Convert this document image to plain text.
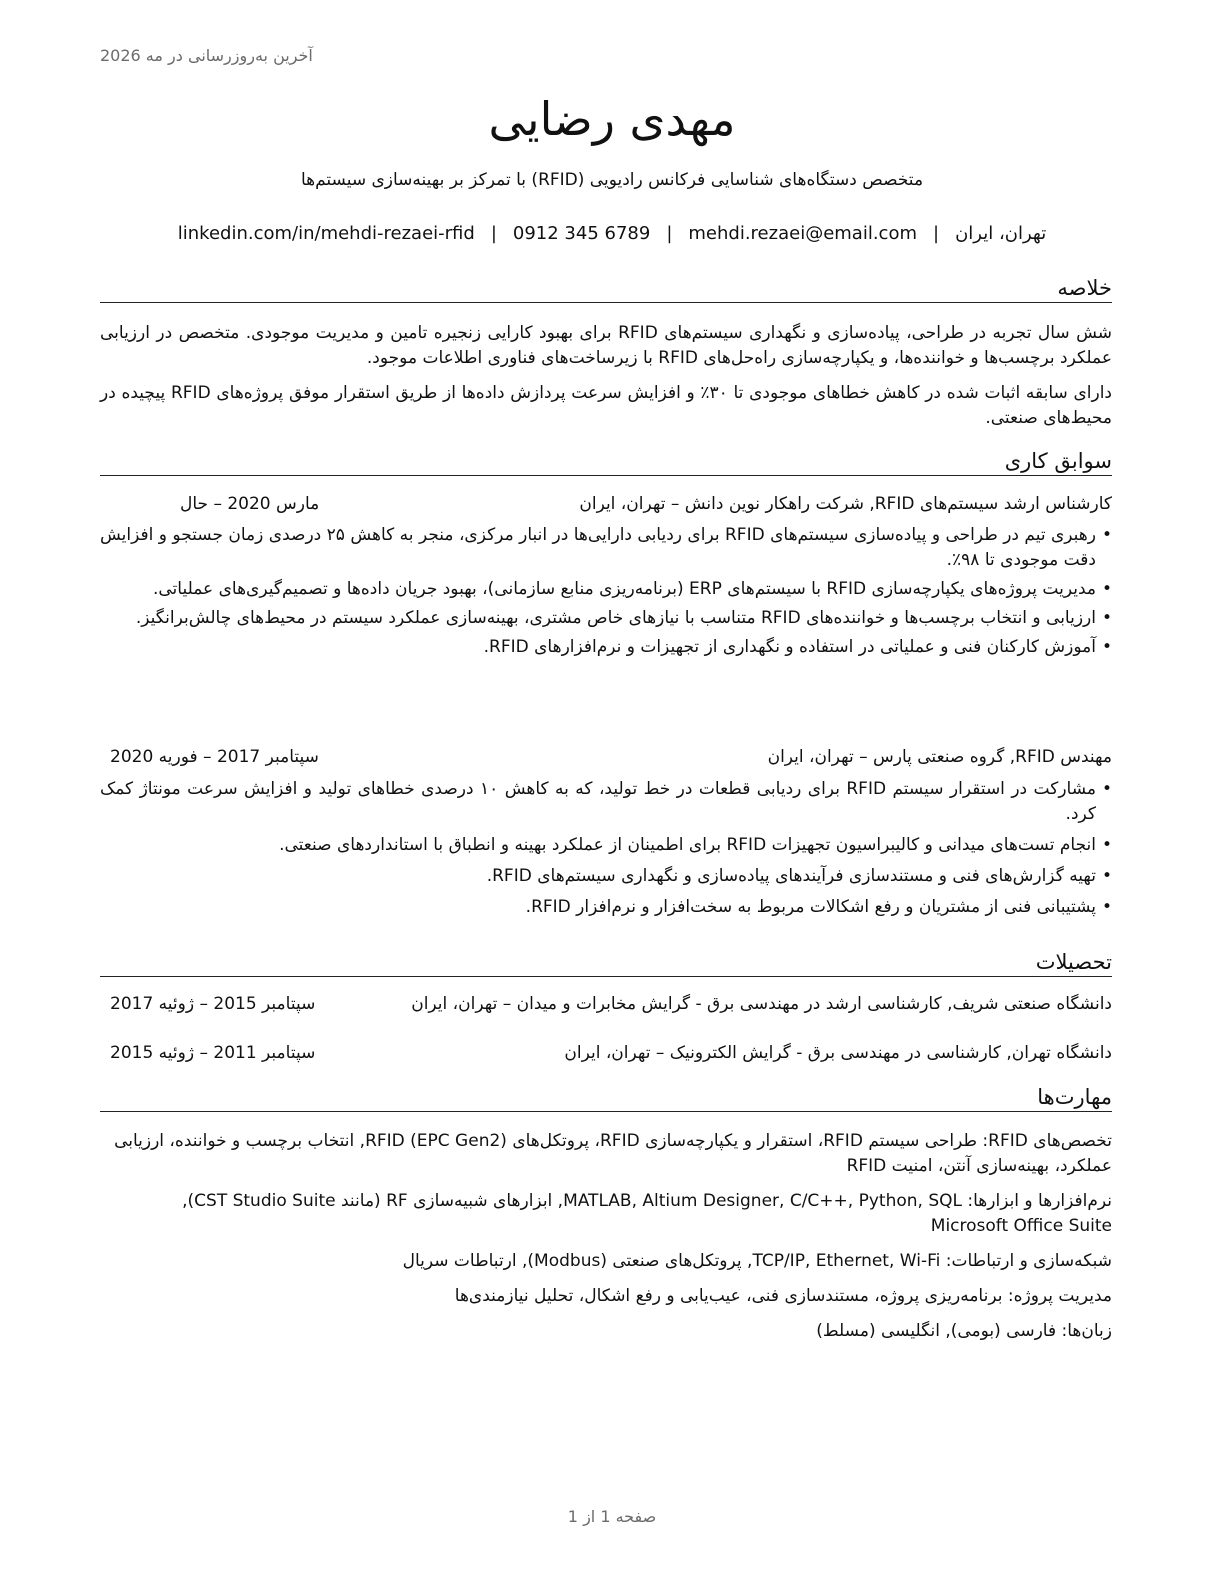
آخرین به‌روزرسانی در مه 2026
مهدی رضایی
متخصص دستگاه‌های شناسایی فرکانس رادیویی (RFID) با تمرکز بر بهینه‌سازی سیستم‌ها
تهران، ایران|mehdi.rezaei@email.com|0912 345 6789|linkedin.com/in/mehdi-rezaei-rfid
خلاصه

شش سال تجربه در طراحی، پیاده‌سازی و نگهداری سیستم‌های RFID برای بهبود کارایی زنجیره تامین و مدیریت موجودی. متخصص در ارزیابی عملکرد برچسب‌ها و خواننده‌ها، و یکپارچه‌سازی راه‌حل‌های RFID با زیرساخت‌های فناوری اطلاعات موجود.

دارای سابقه اثبات شده در کاهش خطاهای موجودی تا ۳۰٪ و افزایش سرعت پردازش داده‌ها از طریق استقرار موفق پروژه‌های RFID پیچیده در محیط‌های صنعتی.

سوابق کاری
کارشناس ارشد سیستم‌های RFID, شرکت راهکار نوین دانش – تهران، ایران
مارس 2020 – حال
• رهبری تیم در طراحی و پیاده‌سازی سیستم‌های RFID برای ردیابی دارایی‌ها در انبار مرکزی، منجر به کاهش ۲۵ درصدی زمان جستجو و افزایش دقت موجودی تا ۹۸٪.
• مدیریت پروژه‌های یکپارچه‌سازی RFID با سیستم‌های ERP (برنامه‌ریزی منابع سازمانی)، بهبود جریان داده‌ها و تصمیم‌گیری‌های عملیاتی.
• ارزیابی و انتخاب برچسب‌ها و خواننده‌های RFID متناسب با نیازهای خاص مشتری، بهینه‌سازی عملکرد سیستم در محیط‌های چالش‌برانگیز.
• آموزش کارکنان فنی و عملیاتی در استفاده و نگهداری از تجهیزات و نرم‌افزارهای RFID.
مهندس RFID, گروه صنعتی پارس – تهران، ایران
سپتامبر 2017 – فوریه 2020
• مشارکت در استقرار سیستم RFID برای ردیابی قطعات در خط تولید، که به کاهش ۱۰ درصدی خطاهای تولید و افزایش سرعت مونتاژ کمک کرد.
• انجام تست‌های میدانی و کالیبراسیون تجهیزات RFID برای اطمینان از عملکرد بهینه و انطباق با استانداردهای صنعتی.
• تهیه گزارش‌های فنی و مستندسازی فرآیندهای پیاده‌سازی و نگهداری سیستم‌های RFID.
• پشتیبانی فنی از مشتریان و رفع اشکالات مربوط به سخت‌افزار و نرم‌افزار RFID.
تحصیلات
دانشگاه صنعتی شریف, کارشناسی ارشد در مهندسی برق - گرایش مخابرات و میدان – تهران، ایران
سپتامبر 2015 – ژوئیه 2017
دانشگاه تهران, کارشناسی در مهندسی برق - گرایش الکترونیک – تهران، ایران
سپتامبر 2011 – ژوئیه 2015
مهارت‌ها

تخصص‌های RFID: طراحی سیستم RFID، استقرار و یکپارچه‌سازی RFID، پروتکل‌های RFID (EPC Gen2), انتخاب برچسب و خواننده، ارزیابی عملکرد، بهینه‌سازی آنتن، امنیت RFID

نرم‌افزارها و ابزارها: MATLAB, Altium Designer, C/C++, Python, SQL, ابزارهای شبیه‌سازی RF (مانند CST Studio Suite), Microsoft Office Suite

شبکه‌سازی و ارتباطات: TCP/IP, Ethernet, Wi-Fi, پروتکل‌های صنعتی (Modbus), ارتباطات سریال

مدیریت پروژه: برنامه‌ریزی پروژه، مستندسازی فنی، عیب‌یابی و رفع اشکال، تحلیل نیازمندی‌ها

زبان‌ها: فارسی (بومی), انگلیسی (مسلط)

صفحه 1 از 1
